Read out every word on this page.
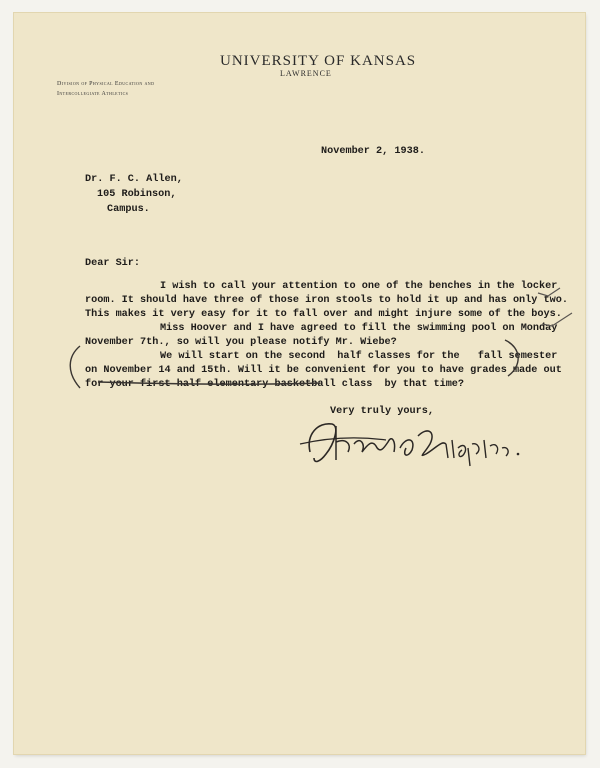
UNIVERSITY OF KANSAS
LAWRENCE
Division of Physical Education and
Intercollegiate Athletics
November 2, 1938.
Dr. F. C. Allen,
105 Robinson,
Campus.
Dear Sir:
I wish to call your attention to one of the benches in the locker
room. It should have three of those iron stools to hold it up and has only two.
This makes it very easy for it to fall over and might injure some of the boys.
Miss Hoover and I have agreed to fill the swimming pool on Monday
November 7th., so will you please notify Mr. Wiebe?
We will start on the second  half classes for the   fall semester
on November 14 and 15th. Will it be convenient for you to have grades made out
for your first half elementary basketball class  by that time?
Very truly yours,
